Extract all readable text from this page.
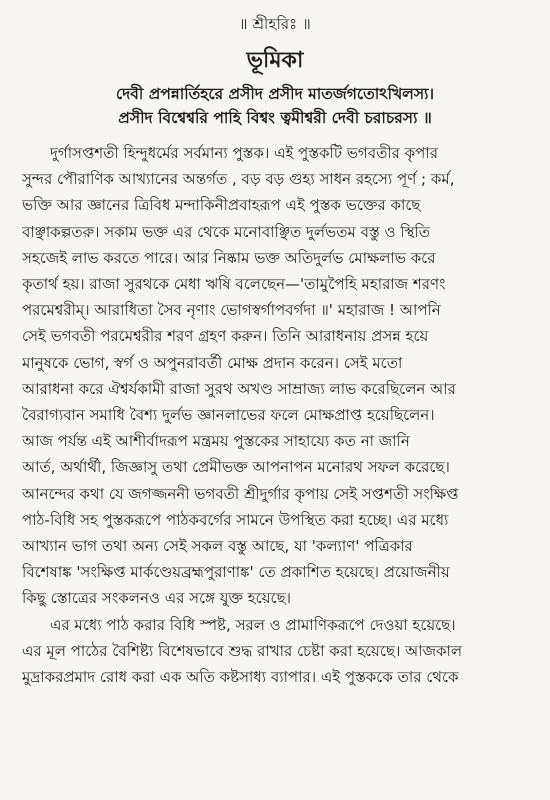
॥ শ্রীহরিঃ ॥
ভূমিকা

দেবী প্রপন্নার্তিহরে প্রসীদ প্রসীদ মাতর্জগতোঽখিলস্য।

প্রসীদ বিশ্বেশ্বরি পাহি বিশ্বং ত্বমীশ্বরী দেবী চরাচরস্য ॥

দুর্গাসপ্তশতী হিন্দুধর্মের সর্বমান্য পুস্তক। এই পুস্তকটি ভগবতীর কৃপার
সুন্দর পৌরাণিক আখ্যানের অন্তর্গত , বড় বড় গুহ্য সাধন রহস্যে পূর্ণ ; কর্ম,
ভক্তি আর জ্ঞানের ত্রিবিধ মন্দাকিনীপ্রবাহরূপ এই পুস্তক ভক্তের কাছে
বাঞ্ছাকল্পতরু। সকাম ভক্ত এর থেকে মনোবাঞ্ছিত দুর্লভতম বস্তু ও স্থিতি
সহজেই লাভ করতে পারে। আর নিষ্কাম ভক্ত অতিদুর্লভ মোক্ষলাভ করে
কৃতার্থ হয়। রাজা সুরথকে মেধা ঋষি বলেছেন—'তামুপৈহি মহারাজ শরণং
পরমেশ্বরীম্। আরাধিতা সৈব নৃণাং ভোগস্বর্গাপবর্গদা ॥' মহারাজ ! আপনি
সেই ভগবতী পরমেশ্বরীর শরণ গ্রহণ করুন। তিনি আরাধনায় প্রসন্ন হয়ে
মানুষকে ভোগ, স্বর্গ ও অপুনরাবর্তী মোক্ষ প্রদান করেন। সেই মতো
আরাধনা করে ঐশ্বর্যকামী রাজা সুরথ অখণ্ড সাম্রাজ্য লাভ করেছিলেন আর
বৈরাগ্যবান সমাধি বৈশ্য দুর্লভ জ্ঞানলাভের ফলে মোক্ষপ্রাপ্ত হয়েছিলেন।
আজ পর্যন্ত এই আশীর্বাদরূপ মন্ত্রময় পুস্তকের সাহায্যে কত না জানি
আর্ত, অর্থার্থী, জিজ্ঞাসু তথা প্রেমীভক্ত আপনাপন মনোরথ সফল করেছে।
আনন্দের কথা যে জগজ্জননী ভগবতী শ্রীদুর্গার কৃপায় সেই সপ্তশতী সংক্ষিপ্ত
পাঠ-বিধি সহ পুস্তকরূপে পাঠকবর্গের সামনে উপস্থিত করা হচ্ছে। এর মধ্যে
আখ্যান ভাগ তথা অন্য সেই সকল বস্তু আছে, যা 'কল্যাণ' পত্রিকার
বিশেষাঙ্ক 'সংক্ষিপ্ত মার্কণ্ডেয়ব্রহ্মপুরাণাঙ্ক' তে প্রকাশিত হয়েছে। প্রয়োজনীয়
কিছু স্তোত্রের সংকলনও এর সঙ্গে যুক্ত হয়েছে।
এর মধ্যে পাঠ করার বিধি স্পষ্ট, সরল ও প্রামাণিকরূপে দেওয়া হয়েছে।
এর মূল পাঠের বৈশিষ্ট্য বিশেষভাবে শুদ্ধ রাখার চেষ্টা করা হয়েছে। আজকাল
মুদ্রাকরপ্রমাদ রোধ করা এক অতি কষ্টসাধ্য ব্যাপার। এই পুস্তককে তার থেকে
